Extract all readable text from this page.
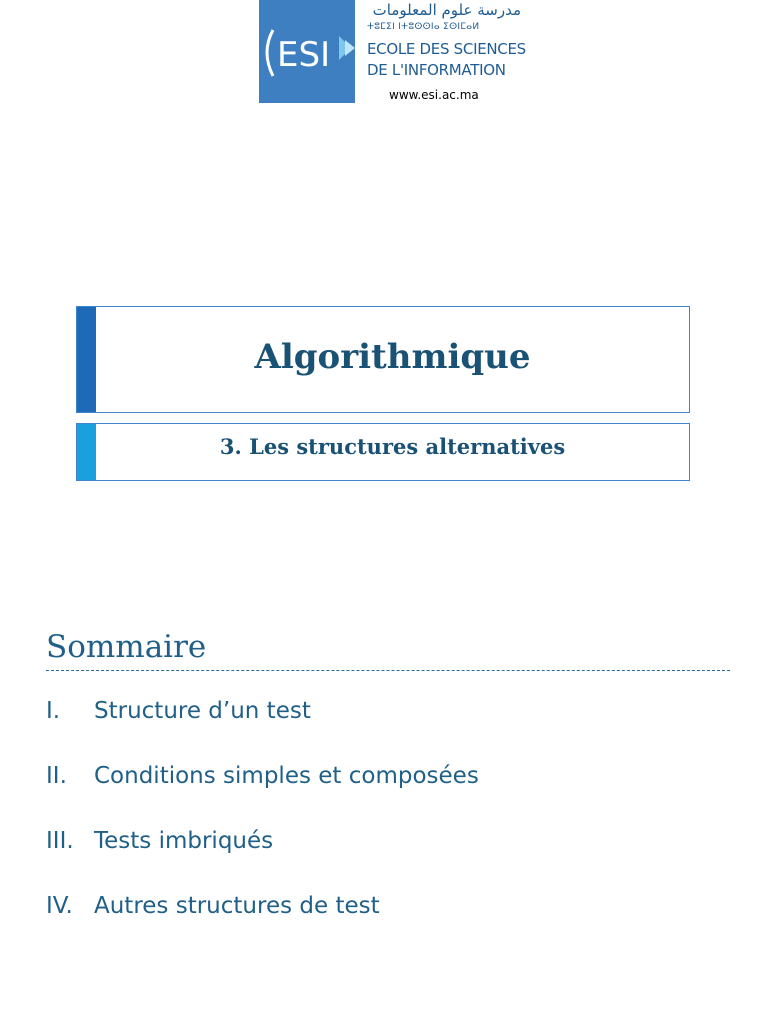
ESI
مدرسة علوم المعلومات
ⵜⵓⵎⵉⵏ ⵏⵜⵓⵙⵙⵏⴰ ⵉⵙⵏⵎⴰⵍ
ECOLE DES SCIENCES
DE L'INFORMATION
www.esi.ac.ma
Algorithmique
3. Les structures alternatives
Sommaire
I. Structure d’un test
II. Conditions simples et composées
III. Tests imbriqués
IV. Autres structures de test
